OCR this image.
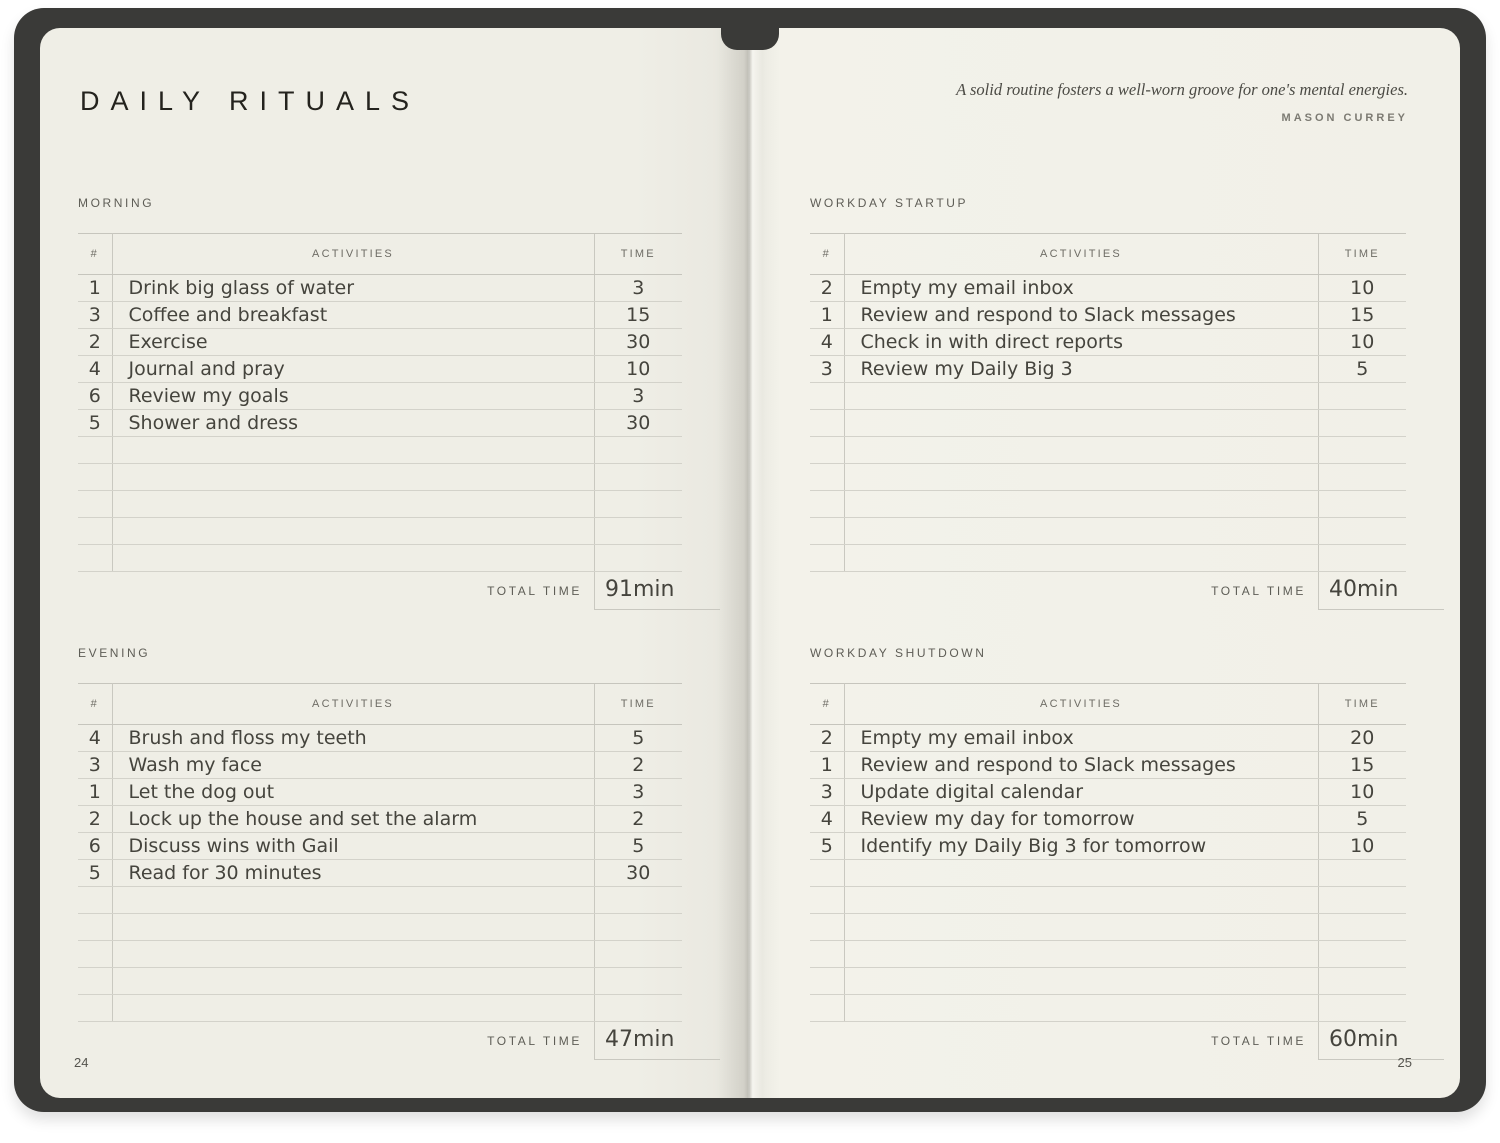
DAILY RITUALS
MORNING
#	ACTIVITIES	TIME
1	Drink big glass of water	3
3	Coffee and breakfast	15
2	Exercise	30
4	Journal and pray	10
6	Review my goals	3
5	Shower and dress	30

TOTAL TIME	91min
EVENING
#	ACTIVITIES	TIME
4	Brush and floss my teeth	5
3	Wash my face	2
1	Let the dog out	3
2	Lock up the house and set the alarm	2
6	Discuss wins with Gail	5
5	Read for 30 minutes	30

TOTAL TIME	47min
24
A solid routine fosters a well-worn groove for one's mental energies.
MASON CURREY
WORKDAY STARTUP
#	ACTIVITIES	TIME
2	Empty my email inbox	10
1	Review and respond to Slack messages	15
4	Check in with direct reports	10
3	Review my Daily Big 3	5

TOTAL TIME	40min
WORKDAY SHUTDOWN
#	ACTIVITIES	TIME
2	Empty my email inbox	20
1	Review and respond to Slack messages	15
3	Update digital calendar	10
4	Review my day for tomorrow	5
5	Identify my Daily Big 3 for tomorrow	10

TOTAL TIME	60min
25
